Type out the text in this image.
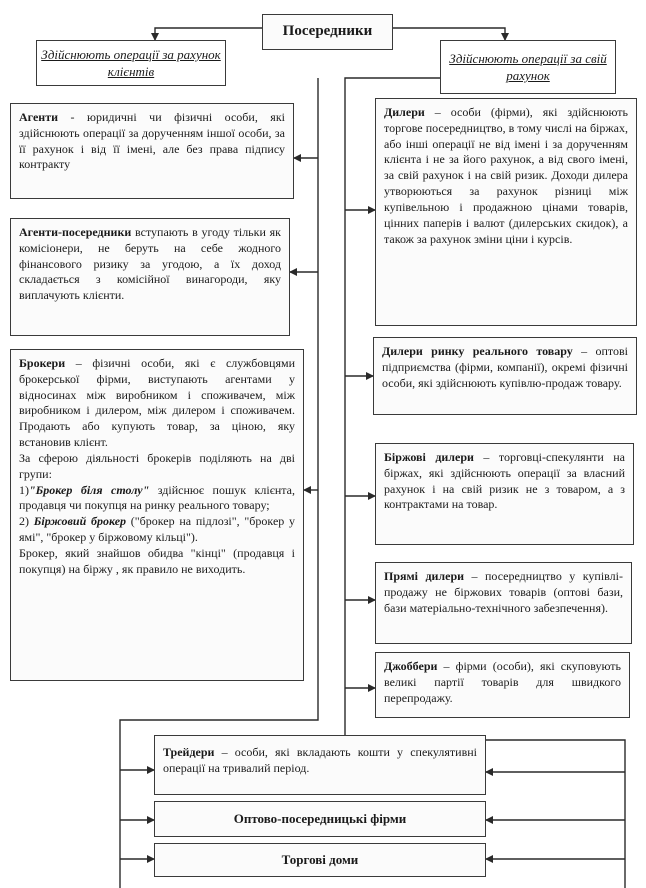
Посередники
Здійснюють операції за рахунок клієнтів
Здійснюють операції за свій рахунок

Агенти - юридичні чи фізичні особи, які здійснюють операції за дорученням іншої особи, за її рахунок і від її імені, але без права підпису контракту

Агенти-посередники вступають в угоду тільки як комісіонери, не беруть на себе жодного фінансового ризику за угодою, а їх доход складається з комісійної винагороди, яку виплачують клієнти.

Брокери – фізичні особи, які є службовцями брокерської фірми, виступають агентами у відносинах між виробником і споживачем, між виробником і дилером, між дилером і споживачем. Продають або купують товар, за ціною, яку встановив клієнт.

За сферою діяльності брокерів поділяють на дві групи:

1)"Брокер біля столу" здійснює пошук клієнта, продавця чи покупця на ринку реального товару;

2) Біржовий брокер ("брокер на підлозі", "брокер у ямі", "брокер у біржовому кільці").

Брокер, який знайшов обидва "кінці" (продавця і покупця) на біржу , як правило не виходить.

Дилери – особи (фірми), які здійснюють торгове посередництво, в тому числі на біржах, або інші операції не від імені і за дорученням клієнта і не за його рахунок, а від свого імені, за свій рахунок і на свій ризик. Доходи дилера утворюються за рахунок різниці між купівельною і продажною цінами товарів, цінних паперів і валют (дилерських скидок), а також за рахунок зміни ціни і курсів.

Дилери ринку реального товару – оптові підприємства (фірми, компанії), окремі фізичні особи, які здійснюють купівлю-продаж товару.

Біржові дилери – торговці-спекулянти на біржах, які здійснюють операції за власний рахунок і на свій ризик не з товаром, а з контрактами на товар.

Прямі дилери – посередництво у купівлі-продажу не біржових товарів (оптові бази, бази матеріально-технічного забезпечення).

Джоббери – фірми (особи), які скуповують великі партії товарів для швидкого перепродажу.

Трейдери – особи, які вкладають кошти у спекулятивні операції на тривалий період.

Оптово-посередницькі фірми
Торгові доми
